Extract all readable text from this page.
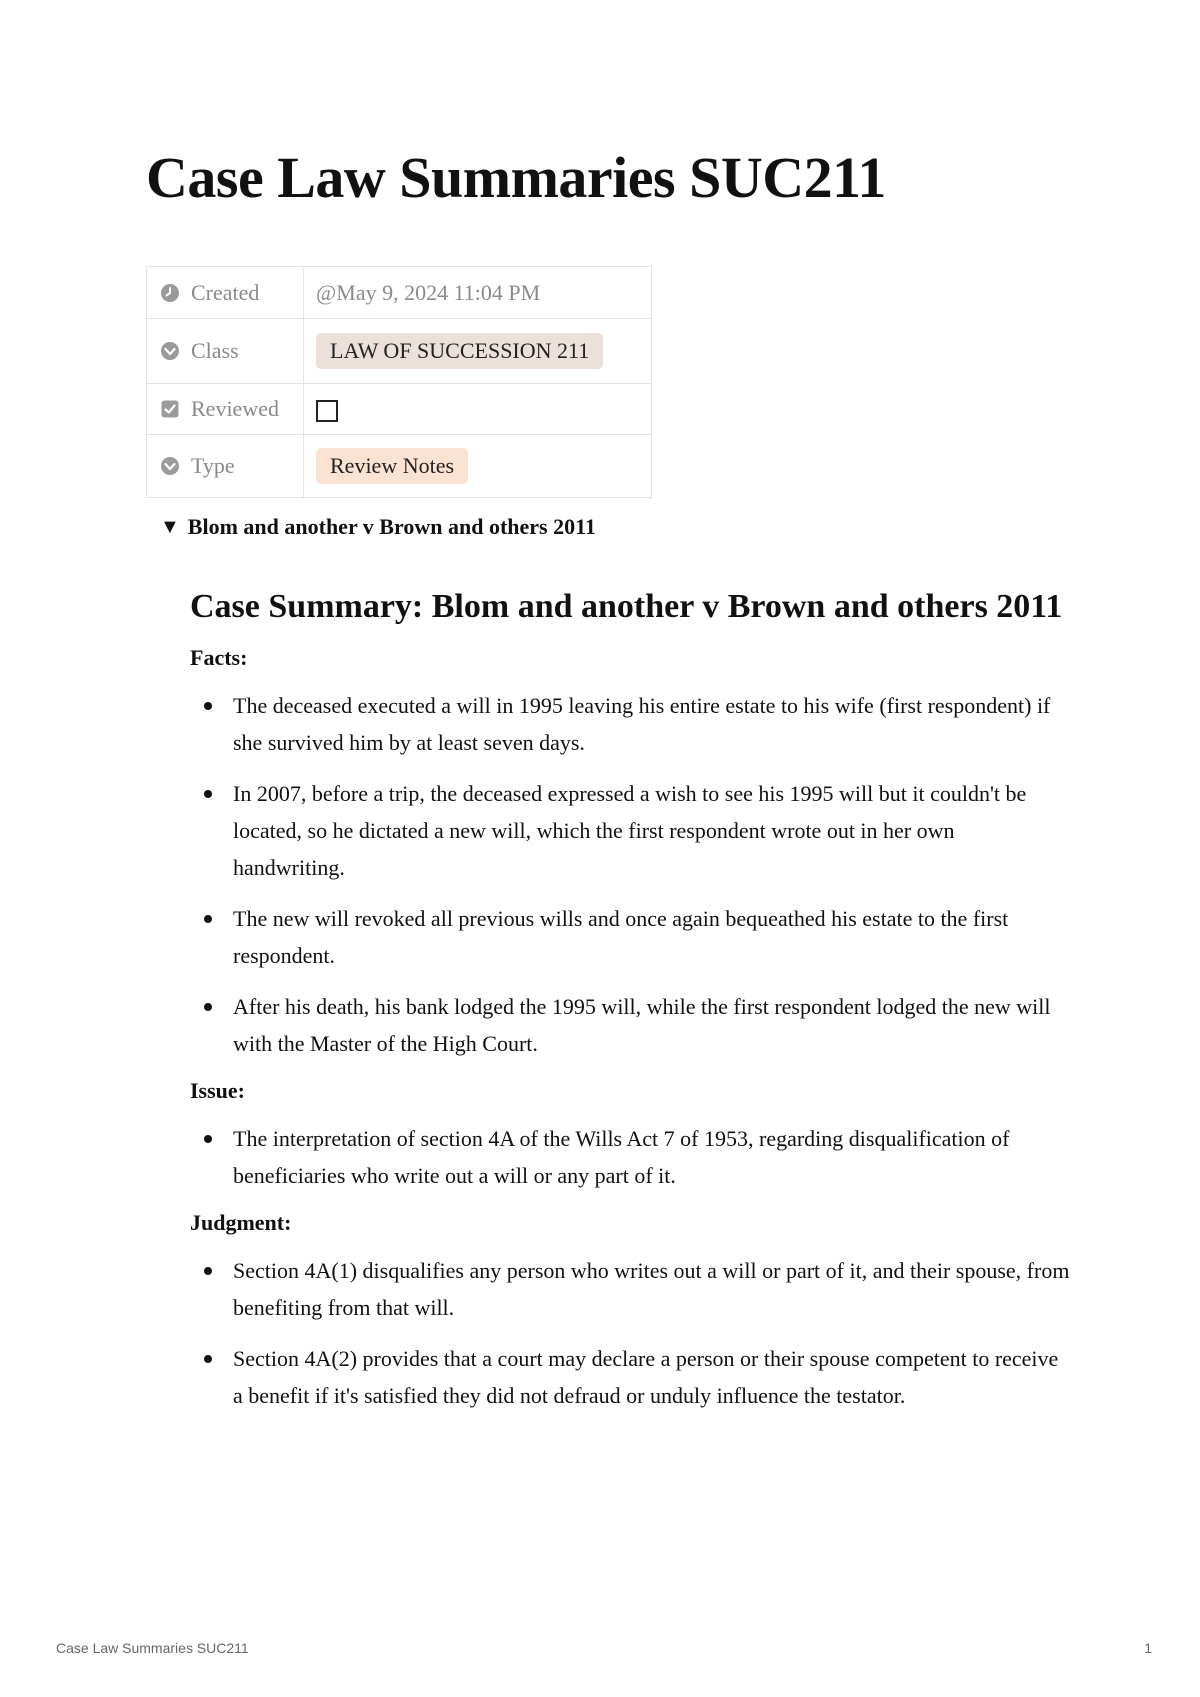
Case Law Summaries SUC211
Created	@May 9, 2024 11:04 PM

Class	LAW OF SUCCESSION 211

Reviewed	

Type	Review Notes
▼ Blom and another v Brown and others 2011
Case Summary: Blom and another v Brown and others 2011
Facts:
The deceased executed a will in 1995 leaving his entire estate to his wife (first respondent) if she survived him by at least seven days.
In 2007, before a trip, the deceased expressed a wish to see his 1995 will but it couldn't be located, so he dictated a new will, which the first respondent wrote out in her own handwriting.
The new will revoked all previous wills and once again bequeathed his estate to the first respondent.
After his death, his bank lodged the 1995 will, while the first respondent lodged the new will with the Master of the High Court.
Issue:
The interpretation of section 4A of the Wills Act 7 of 1953, regarding disqualification of beneficiaries who write out a will or any part of it.
Judgment:
Section 4A(1) disqualifies any person who writes out a will or part of it, and their spouse, from benefiting from that will.
Section 4A(2) provides that a court may declare a person or their spouse competent to receive a benefit if it's satisfied they did not defraud or unduly influence the testator.
Case Law Summaries SUC211	1
